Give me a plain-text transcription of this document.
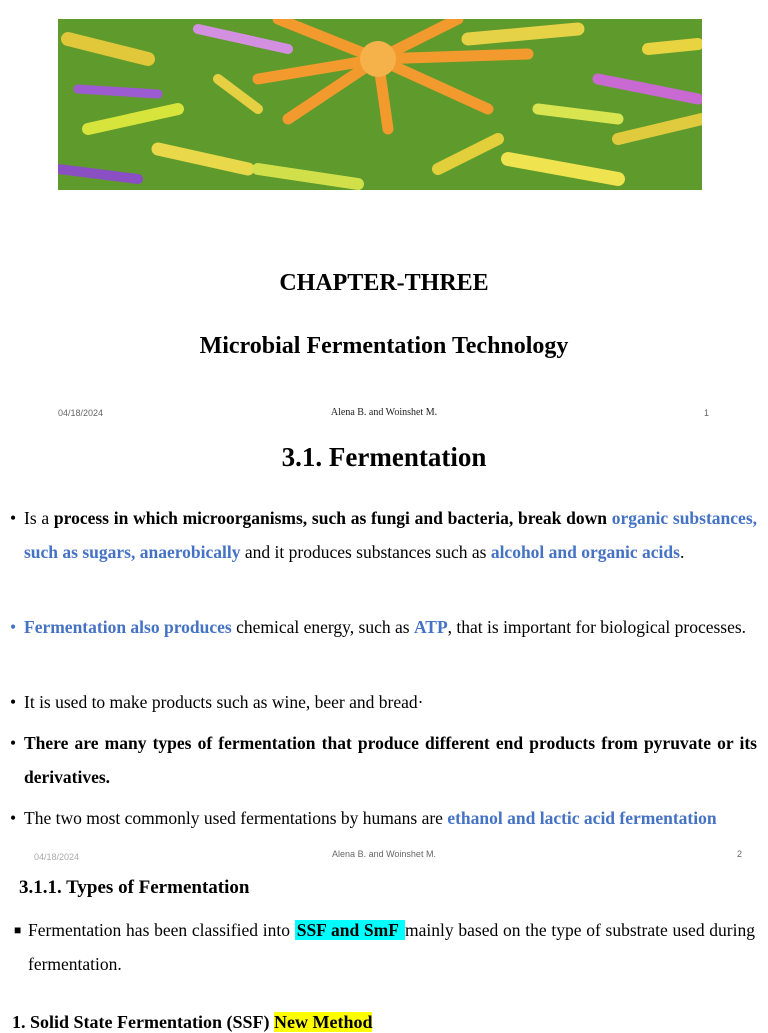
CHAPTER-THREE
Microbial Fermentation Technology
04/18/2024	Alena B. and Woinshet M.	1
3.1. Fermentation
• Is a process in which microorganisms, such as fungi and bacteria, break down organic substances, such as sugars, anaerobically and it produces substances such as alcohol and organic acids.
• Fermentation also produces chemical energy, such as ATP, that is important for biological processes.
• It is used to make products such as wine, beer and bread·
• There are many types of fermentation that produce different end products from pyruvate or its derivatives.
• The two most commonly used fermentations by humans are ethanol and lactic acid fermentation
04/18/2024	Alena B. and Woinshet M.	2
3.1.1. Types of Fermentation
■ Fermentation has been classified into SSF and SmF mainly based on the type of substrate used during fermentation.
1. Solid State Fermentation (SSF) New Method
